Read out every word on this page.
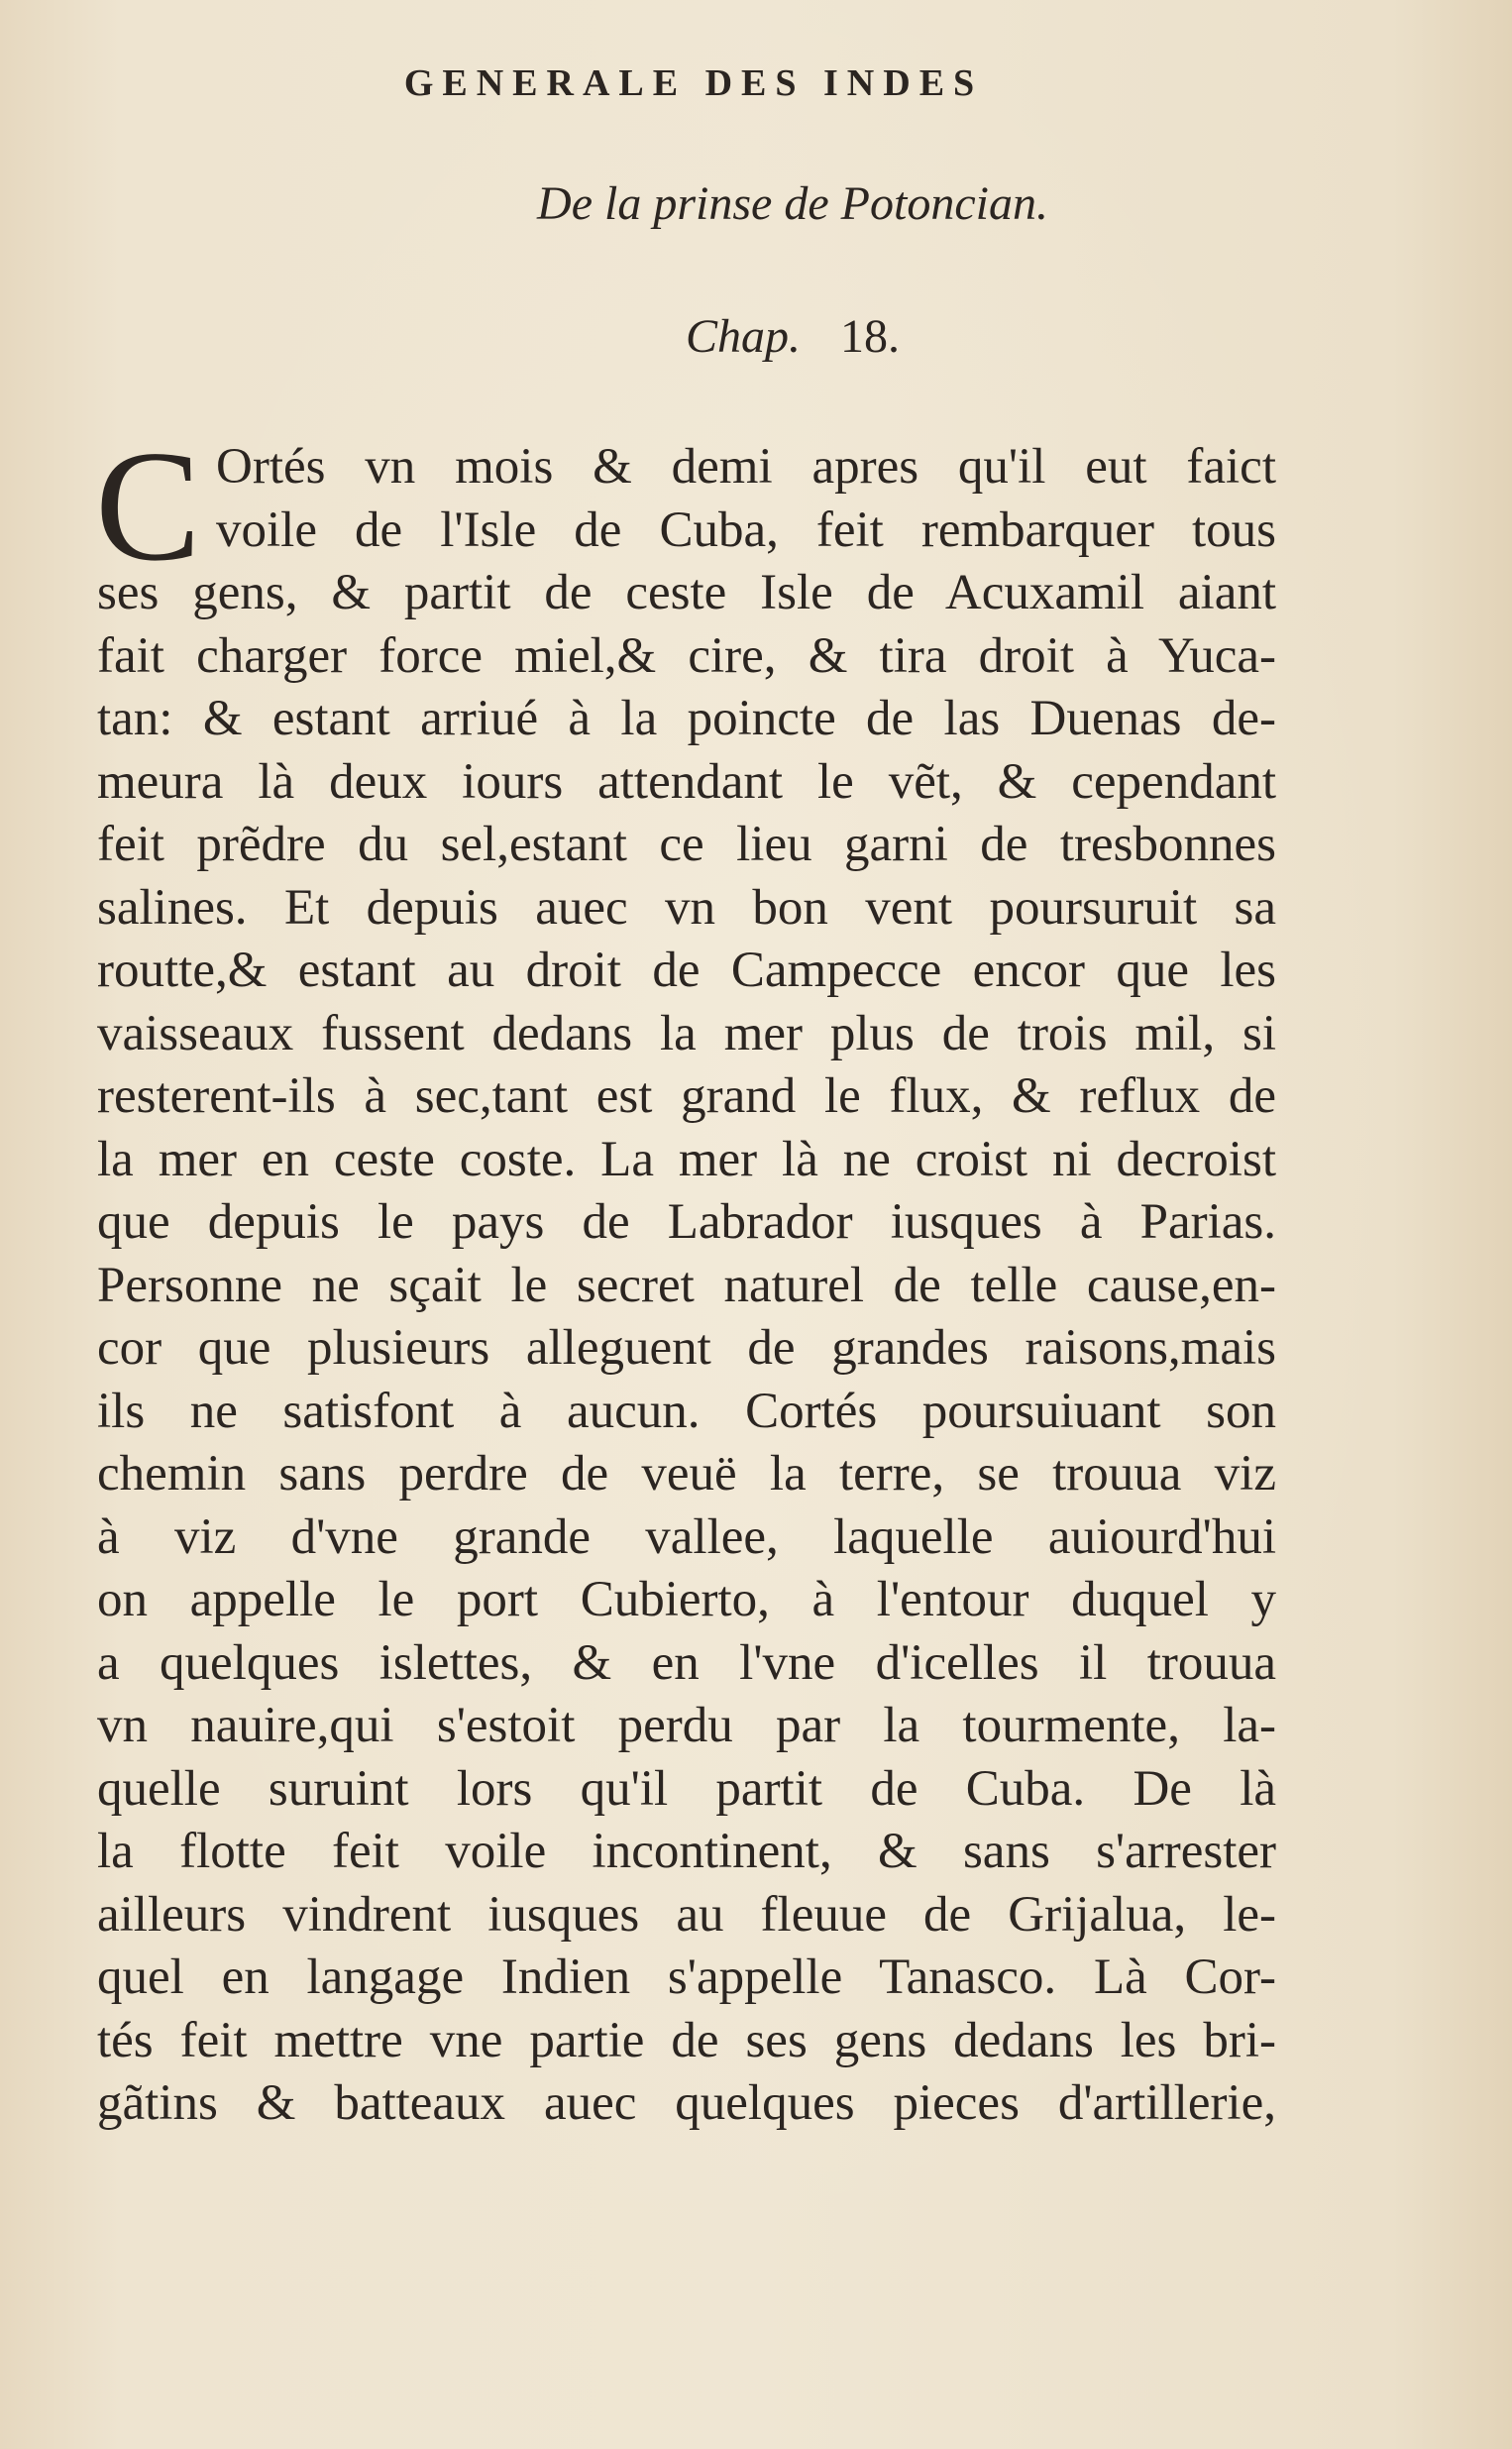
GENERALE DES INDES
De la prinse de Potoncian.
Chap. 18.
C Ortés vn mois & demi apres qu'il eut faict
voile de l'Isle de Cuba, feit rembarquer tous
ses gens, & partit de ceste Isle de Acuxamil aiant
fait charger force miel,& cire, & tira droit à Yuca-
tan: & estant arriué à la poincte de las Duenas de-
meura là deux iours attendant le vẽt, & cependant
feit prẽdre du sel,estant ce lieu garni de tresbonnes
salines. Et depuis auec vn bon vent poursuruit sa
routte,& estant au droit de Campecce encor que les
vaisseaux fussent dedans la mer plus de trois mil, si
resterent-ils à sec,tant est grand le flux, & reflux de
la mer en ceste coste. La mer là ne croist ni decroist
que depuis le pays de Labrador iusques à Parias.
Personne ne sçait le secret naturel de telle cause,en-
cor que plusieurs alleguent de grandes raisons,mais
ils ne satisfont à aucun. Cortés poursuiuant son
chemin sans perdre de veuë la terre, se trouua viz
à viz d'vne grande vallee, laquelle auiourd'hui
on appelle le port Cubierto, à l'entour duquel y
a quelques islettes, & en l'vne d'icelles il trouua
vn nauire,qui s'estoit perdu par la tourmente, la-
quelle suruint lors qu'il partit de Cuba. De là
la flotte feit voile incontinent, & sans s'arrester
ailleurs vindrent iusques au fleuue de Grijalua, le-
quel en langage Indien s'appelle Tanasco. Là Cor-
tés feit mettre vne partie de ses gens dedans les bri-
gãtins & batteaux auec quelques pieces d'artillerie,
